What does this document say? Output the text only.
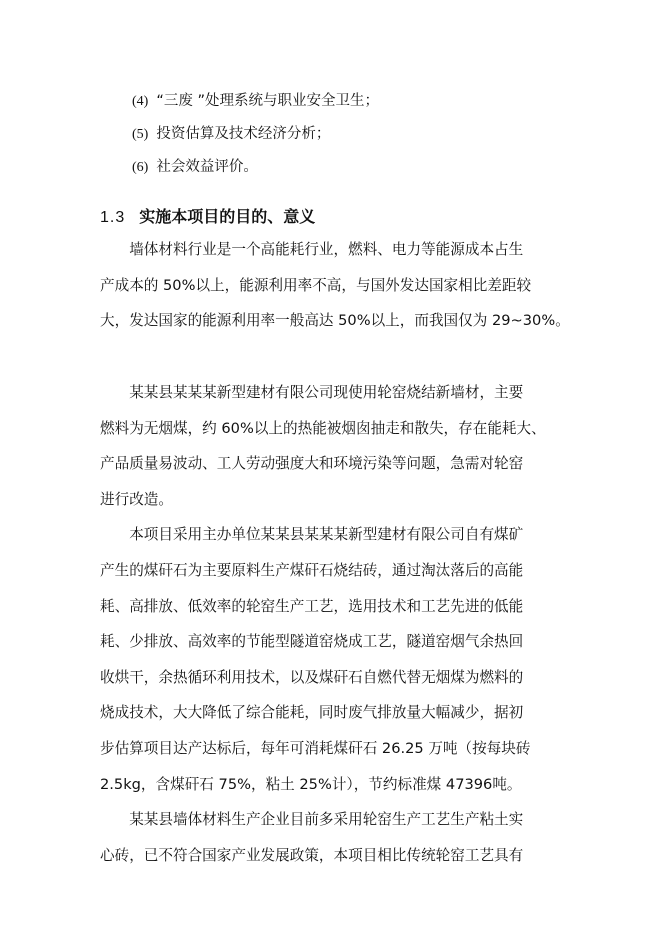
(4) “三废 ”处理系统与职业安全卫生；
(5) 投资估算及技术经济分析；
(6) 社会效益评价。
1.3 实施本项目的目的、意义
　　墙体材料行业是一个高能耗行业，燃料、电力等能源成本占生
产成本的 50%以上，能源利用率不高，与国外发达国家相比差距较
大，发达国家的能源利用率一般高达 50%以上，而我国仅为 29~30%。
　　某某县某某某新型建材有限公司现使用轮窑烧结新墙材，主要
燃料为无烟煤，约 60%以上的热能被烟囱抽走和散失，存在能耗大、
产品质量易波动、工人劳动强度大和环境污染等问题，急需对轮窑
进行改造。
　　本项目采用主办单位某某县某某某新型建材有限公司自有煤矿
产生的煤矸石为主要原料生产煤矸石烧结砖，通过淘汰落后的高能
耗、高排放、低效率的轮窑生产工艺，选用技术和工艺先进的低能
耗、少排放、高效率的节能型隧道窑烧成工艺，隧道窑烟气余热回
收烘干，余热循环利用技术，以及煤矸石自燃代替无烟煤为燃料的
烧成技术，大大降低了综合能耗，同时废气排放量大幅减少，据初
步估算项目达产达标后，每年可消耗煤矸石 26.25 万吨（按每块砖
2.5kg，含煤矸石 75%，粘土 25%计），节约标准煤 47396吨。
　　某某县墙体材料生产企业目前多采用轮窑生产工艺生产粘土实
心砖，已不符合国家产业发展政策，本项目相比传统轮窑工艺具有
